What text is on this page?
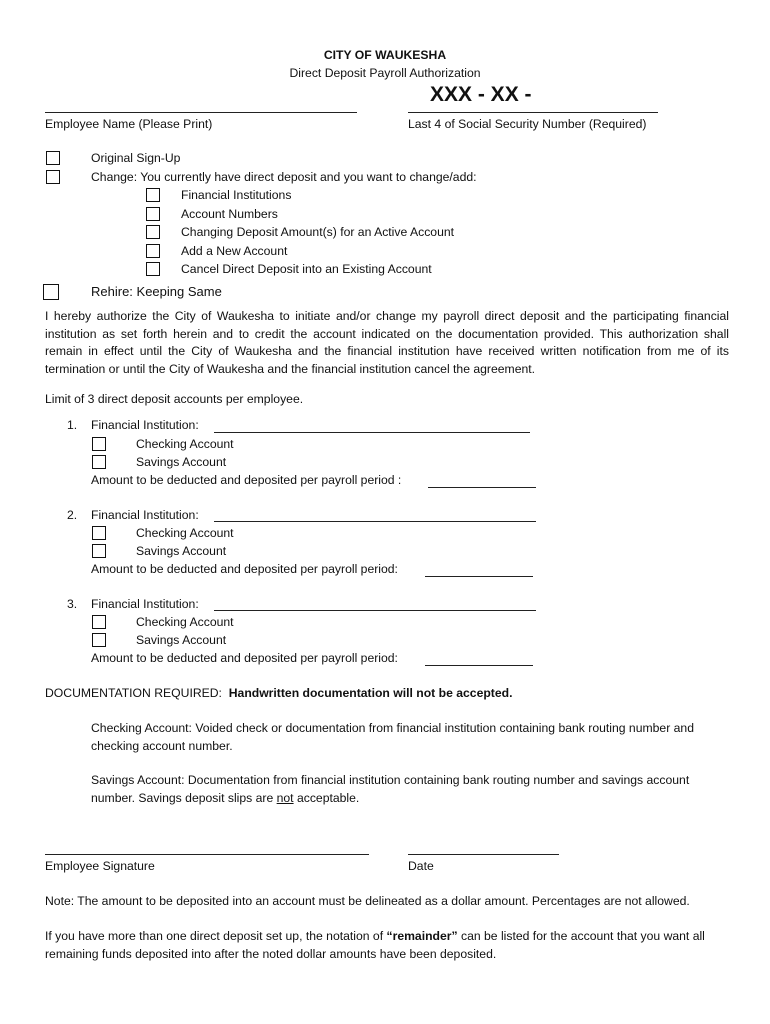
CITY OF WAUKESHA
Direct Deposit Payroll Authorization
XXX - XX -
Employee Name (Please Print)	Last 4 of Social Security Number (Required)
Original Sign-Up
Change: You currently have direct deposit and you want to change/add:
Financial Institutions
Account Numbers
Changing Deposit Amount(s) for an Active Account
Add a New Account
Cancel Direct Deposit into an Existing Account
Rehire: Keeping Same
I hereby authorize the City of Waukesha to initiate and/or change my payroll direct deposit and the participating financial institution as set forth herein and to credit the account indicated on the documentation provided. This authorization shall remain in effect until the City of Waukesha and the financial institution have received written notification from me of its termination or until the City of Waukesha and the financial institution cancel the agreement.
Limit of 3 direct deposit accounts per employee.
1. Financial Institution:
Checking Account
Savings Account
Amount to be deducted and deposited per payroll period :
2. Financial Institution:
Checking Account
Savings Account
Amount to be deducted and deposited per payroll period:
3. Financial Institution:
Checking Account
Savings Account
Amount to be deducted and deposited per payroll period:
DOCUMENTATION REQUIRED: Handwritten documentation will not be accepted.
Checking Account: Voided check or documentation from financial institution containing bank routing number and checking account number.
Savings Account: Documentation from financial institution containing bank routing number and savings account number. Savings deposit slips are not acceptable.
Employee Signature	Date
Note: The amount to be deposited into an account must be delineated as a dollar amount. Percentages are not allowed.
If you have more than one direct deposit set up, the notation of “remainder” can be listed for the account that you want all remaining funds deposited into after the noted dollar amounts have been deposited.
